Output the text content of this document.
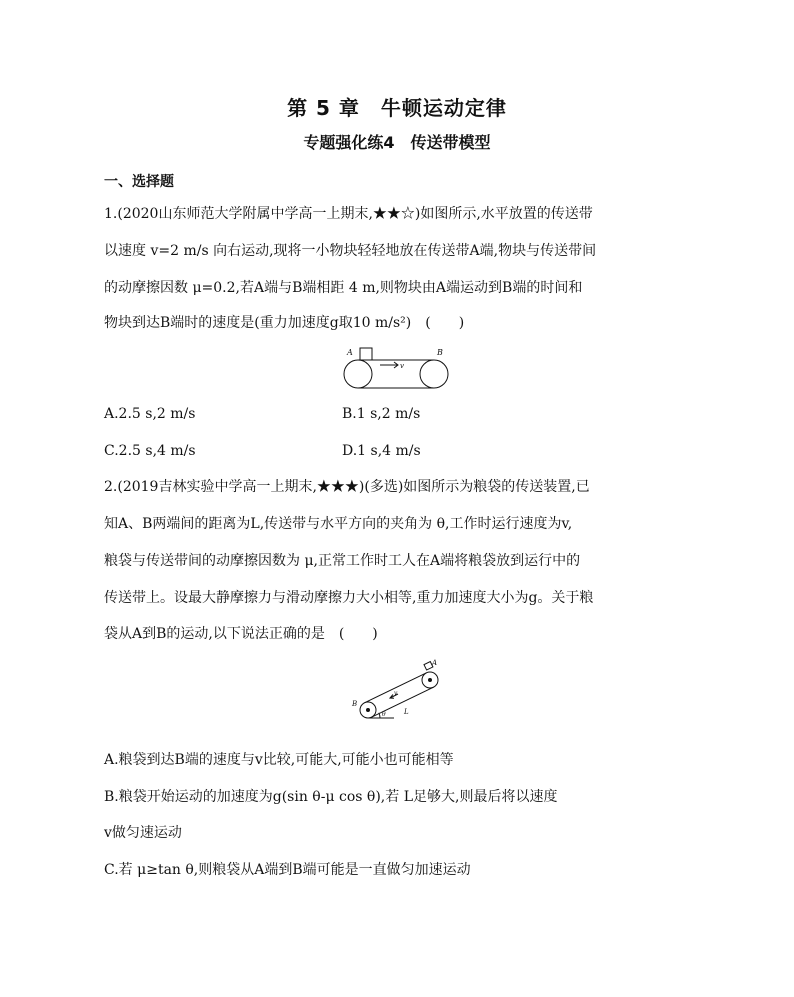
第 5 章　牛顿运动定律
专题强化练4　传送带模型
一、选择题
1.(2020山东师范大学附属中学高一上期末,★★☆)如图所示,水平放置的传送带
以速度 v=2 m/s 向右运动,现将一小物块轻轻地放在传送带A端,物块与传送带间
的动摩擦因数 μ=0.2,若A端与B端相距 4 m,则物块由A端运动到B端的时间和
物块到达B端时的速度是(重力加速度g取10 m/s²)　(　　)
A	B
v
A.2.5 s,2 m/s	B.1 s,2 m/s
C.2.5 s,4 m/s	D.1 s,4 m/s
2.(2019吉林实验中学高一上期末,★★★)(多选)如图所示为粮袋的传送装置,已
知A、B两端间的距离为L,传送带与水平方向的夹角为 θ,工作时运行速度为v,
粮袋与传送带间的动摩擦因数为 μ,正常工作时工人在A端将粮袋放到运行中的
传送带上。设最大静摩擦力与滑动摩擦力大小相等,重力加速度大小为g。关于粮
袋从A到B的运动,以下说法正确的是　(　　)
A
B
v
L
θ
A.粮袋到达B端的速度与v比较,可能大,可能小也可能相等
B.粮袋开始运动的加速度为g(sin θ-μ cos θ),若 L足够大,则最后将以速度
v做匀速运动
C.若 μ≥tan θ,则粮袋从A端到B端可能是一直做匀加速运动
